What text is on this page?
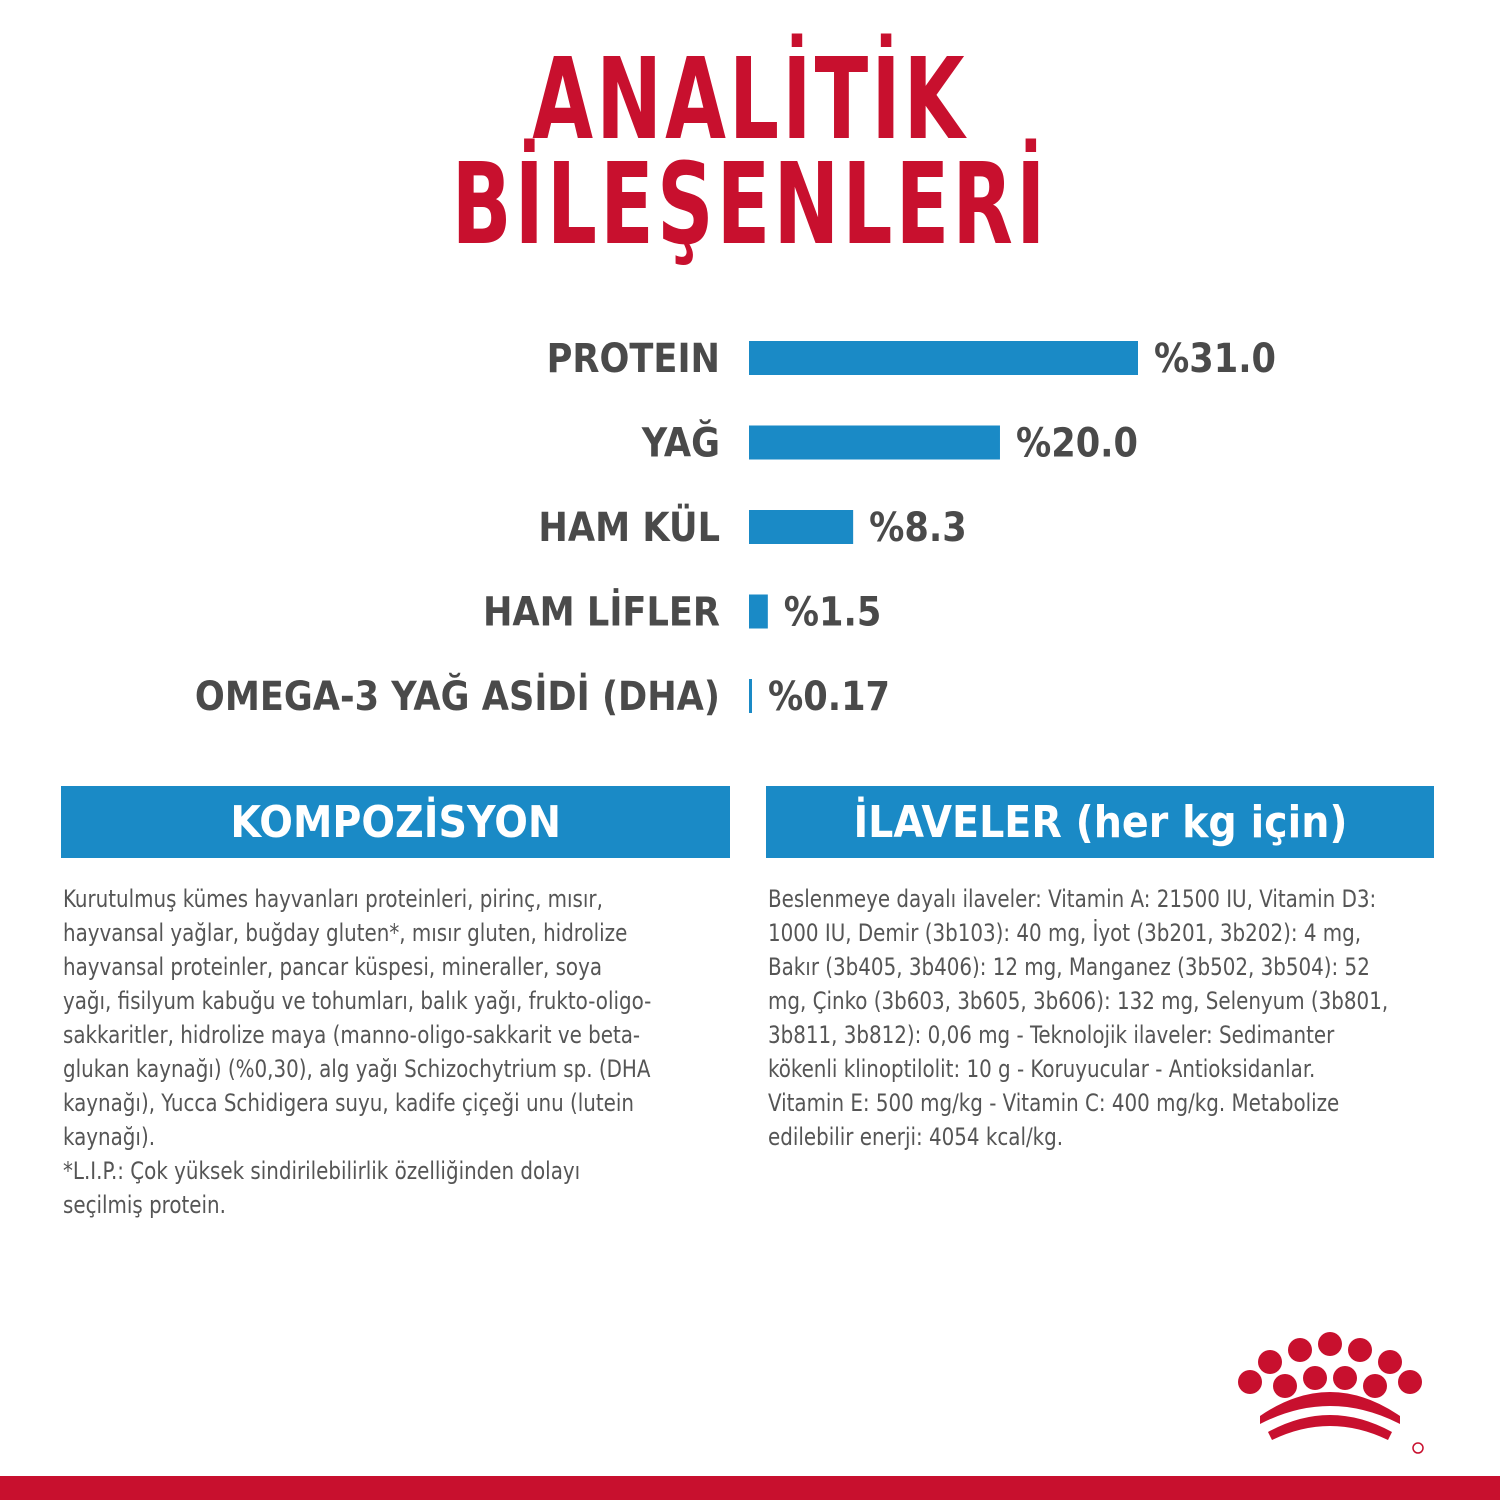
ANALİTİK
BİLEŞENLERİ
PROTEIN	%31.0
YAĞ	%20.0
HAM KÜL	%8.3
HAM LİFLER %1.5
OMEGA-3 YAĞ ASİDİ (DHA) %0.17
KOMPOZİSYON	İLAVELER (her kg için)

Kurutulmuş kümes hayvanları proteinleri, pirinç, mısır,
hayvansal yağlar, buğday gluten*, mısır gluten, hidrolize
hayvansal proteinler, pancar küspesi, mineraller, soya
yağı, fisilyum kabuğu ve tohumları, balık yağı, frukto-oligo-
sakkaritler, hidrolize maya (manno-oligo-sakkarit ve beta-
glukan kaynağı) (%0,30), alg yağı Schizochytrium sp. (DHA
kaynağı), Yucca Schidigera suyu, kadife çiçeği unu (lutein
kaynağı).
*L.I.P.: Çok yüksek sindirilebilirlik özelliğinden dolayı
seçilmiş protein.

Beslenmeye dayalı ilaveler: Vitamin A: 21500 IU, Vitamin D3:
1000 IU, Demir (3b103): 40 mg, İyot (3b201, 3b202): 4 mg,
Bakır (3b405, 3b406): 12 mg, Manganez (3b502, 3b504): 52
mg, Çinko (3b603, 3b605, 3b606): 132 mg, Selenyum (3b801,
3b811, 3b812): 0,06 mg - Teknolojik ilaveler: Sedimanter
kökenli klinoptilolit: 10 g - Koruyucular - Antioksidanlar.
Vitamin E: 500 mg/kg - Vitamin C: 400 mg/kg. Metabolize
edilebilir enerji: 4054 kcal/kg.
